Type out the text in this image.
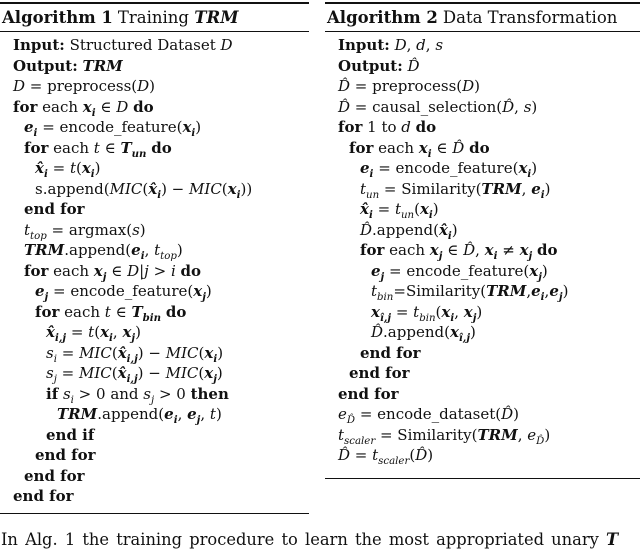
Algorithm 1 Training TRM
Input: Structured Dataset D
Output: TRM
D = preprocess(D)
for each $x_i$ ∈ D do
$e_i$ = $encode\_feature(x_i)$
for each t ∈ $T_{un}$ do
$x̂_i = t(x_i)$
$s.append(MIC(x̂_i) - MIC(x_i))$
end for
$t_{top} = argmax(s)$
$TRM.append(e_i$, $t_{top}$)
for each $x_j$ ∈ D|j > i do
$e_j$ = $encode\_feature(x_j)$
for each t ∈ $T_{bin}$ do
$x̂_{i,j} = t(x_i$, $x_j$)
$s_i$ = $MIC(x̂_{i,j}) - MIC(x_i)$
$s_j$ = $MIC(x̂_{i,j}) - MIC(x_j)$
if $s_i > 0$ and $s_j > 0$ then
$TRM.append(e_i$, $e_j$, t)
end if
end for
end for
end for
Algorithm 2 Data Transformation
Input: D, d, s
Output: D̂
D̂ = preprocess(D)
D̂ = causal_selection(D̂, s)
for 1 to d do
for each $x_i$ ∈ D̂ do
$e_i$ = $encode\_feature(x_i)$
$t_{un}$ = Similarity(TRM, $e_i$)
$x̂_i = t_{un}(x_i)$
$D̂.append(x̂_i)$
for each $x_j$ ∈ D̂, $x_i \ne x_j$ do
$e_j$ = $encode\_feature(x_j)$
$t_{bin}=Similarity(TRM,e_i,e_j)$
$x_{î,j} = t_{bin}(x_i$, $x_j$)
$D̂.append(x_{î,j})$
end for
end for
end for
$e_{D̂}$ = encode_dataset(D̂)
$t_{scaler}$ = Similarity(TRM, $e_{D̂}$)
D̂ = $t_{scaler}(D̂)$

In Alg. 1 the training procedure to learn the most appropriated unary T
